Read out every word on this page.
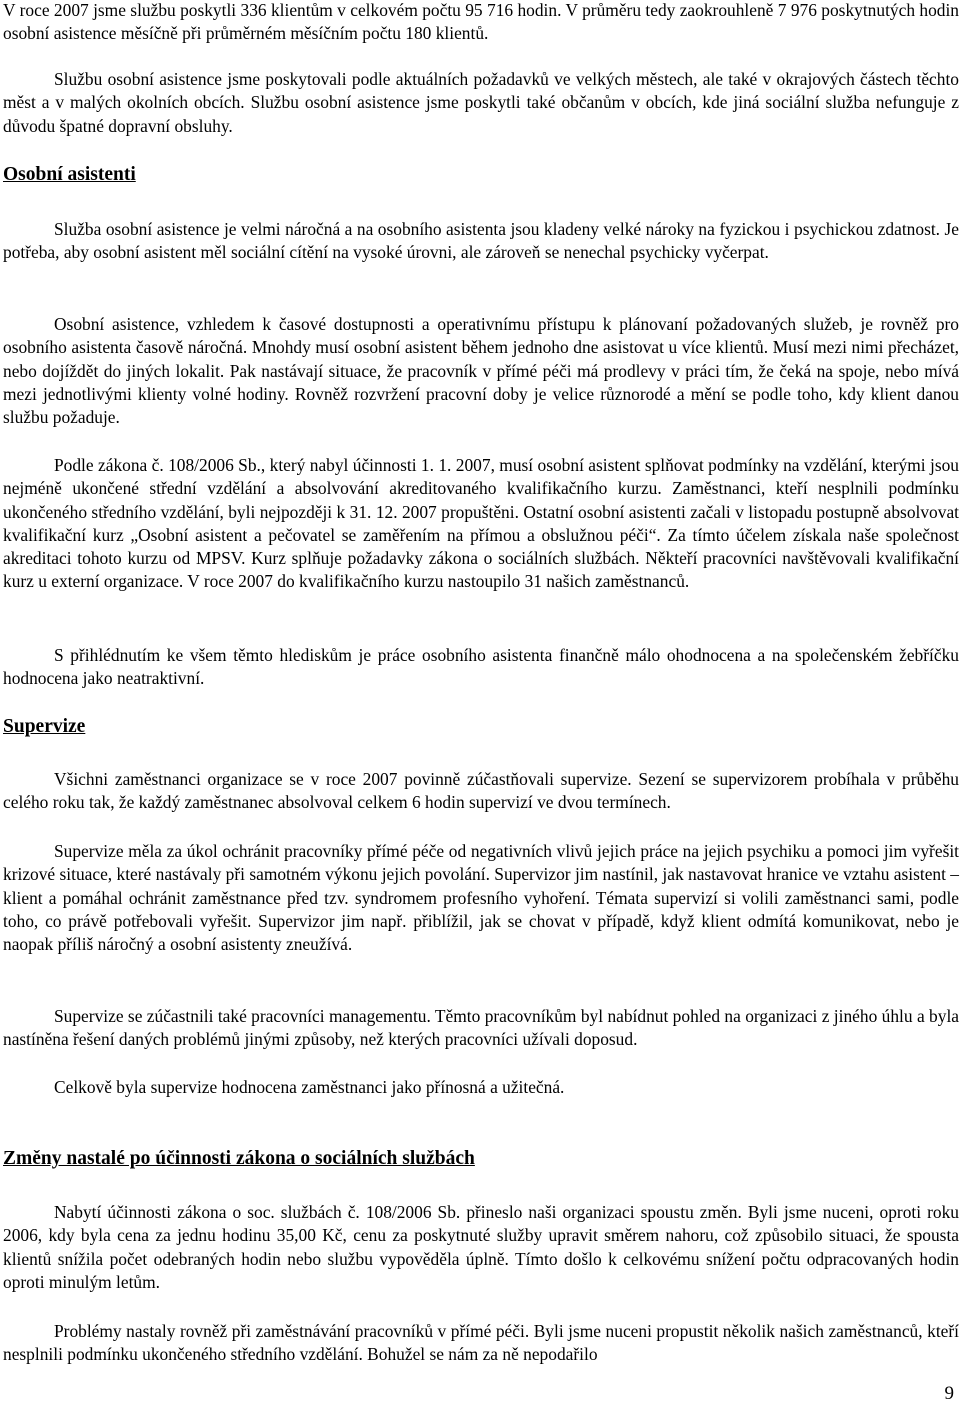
V roce 2007 jsme službu poskytli 336 klientům v celkovém počtu 95 716 hodin. V průměru tedy zaokrouhleně 7 976 poskytnutých hodin osobní asistence měsíčně při průměrném měsíčním počtu 180 klientů.

Službu osobní asistence jsme poskytovali podle aktuálních požadavků ve velkých městech, ale také v okrajových částech těchto měst a v malých okolních obcích. Službu osobní asistence jsme poskytli také občanům v obcích, kde jiná sociální služba nefunguje z důvodu špatné dopravní obsluhy.

Osobní asistenti

Služba osobní asistence je velmi náročná a na osobního asistenta jsou kladeny velké nároky na fyzickou i psychickou zdatnost. Je potřeba, aby osobní asistent měl sociální cítění na vysoké úrovni, ale zároveň se nenechal psychicky vyčerpat.

Osobní asistence, vzhledem k časové dostupnosti a operativnímu přístupu k plánovaní požadovaných služeb, je rovněž pro osobního asistenta časově náročná. Mnohdy musí osobní asistent během jednoho dne asistovat u více klientů. Musí mezi nimi přecházet, nebo dojíždět do jiných lokalit. Pak nastávají situace, že pracovník v přímé péči má prodlevy v práci tím, že čeká na spoje, nebo mívá mezi jednotlivými klienty volné hodiny. Rovněž rozvržení pracovní doby je velice různorodé a mění se podle toho, kdy klient danou službu požaduje.

Podle zákona č. 108/2006 Sb., který nabyl účinnosti 1. 1. 2007, musí osobní asistent splňovat podmínky na vzdělání, kterými jsou nejméně ukončené střední vzdělání a absolvování akreditovaného kvalifikačního kurzu. Zaměstnanci, kteří nesplnili podmínku ukončeného středního vzdělání, byli nejpozději k 31. 12. 2007 propuštěni. Ostatní osobní asistenti začali v listopadu postupně absolvovat kvalifikační kurz „Osobní asistent a pečovatel se zaměřením na přímou a obslužnou péči“. Za tímto účelem získala naše společnost akreditaci tohoto kurzu od MPSV. Kurz splňuje požadavky zákona o sociálních službách. Někteří pracovníci navštěvovali kvalifikační kurz u externí organizace. V roce 2007 do kvalifikačního kurzu nastoupilo 31 našich zaměstnanců.

S přihlédnutím ke všem těmto hlediskům je práce osobního asistenta finančně málo ohodnocena a na společenském žebříčku hodnocena jako neatraktivní.

Supervize

Všichni zaměstnanci organizace se v roce 2007 povinně zúčastňovali supervize. Sezení se supervizorem probíhala v průběhu celého roku tak, že každý zaměstnanec absolvoval celkem 6 hodin supervizí ve dvou termínech.

Supervize měla za úkol ochránit pracovníky přímé péče od negativních vlivů jejich práce na jejich psychiku a pomoci jim vyřešit krizové situace, které nastávaly při samotném výkonu jejich povolání. Supervizor jim nastínil, jak nastavovat hranice ve vztahu asistent – klient a pomáhal ochránit zaměstnance před tzv. syndromem profesního vyhoření. Témata supervizí si volili zaměstnanci sami, podle toho, co právě potřebovali vyřešit. Supervizor jim např. přiblížil, jak se chovat v případě, když klient odmítá komunikovat, nebo je naopak příliš náročný a osobní asistenty zneužívá.

Supervize se zúčastnili také pracovníci managementu. Těmto pracovníkům byl nabídnut pohled na organizaci z jiného úhlu a byla nastíněna řešení daných problémů jinými způsoby, než kterých pracovníci užívali doposud.

Celkově byla supervize hodnocena zaměstnanci jako přínosná a užitečná.

Změny nastalé po účinnosti zákona o sociálních službách

Nabytí účinnosti zákona o soc. službách č. 108/2006 Sb. přineslo naši organizaci spoustu změn. Byli jsme nuceni, oproti roku 2006, kdy byla cena za jednu hodinu 35,00 Kč, cenu za poskytnuté služby upravit směrem nahoru, což způsobilo situaci, že spousta klientů snížila počet odebraných hodin nebo službu vypověděla úplně. Tímto došlo k celkovému snížení počtu odpracovaných hodin oproti minulým letům.

Problémy nastaly rovněž při zaměstnávání pracovníků v přímé péči. Byli jsme nuceni propustit několik našich zaměstnanců, kteří nesplnili podmínku ukončeného středního vzdělání. Bohužel se nám za ně nepodařilo

9
